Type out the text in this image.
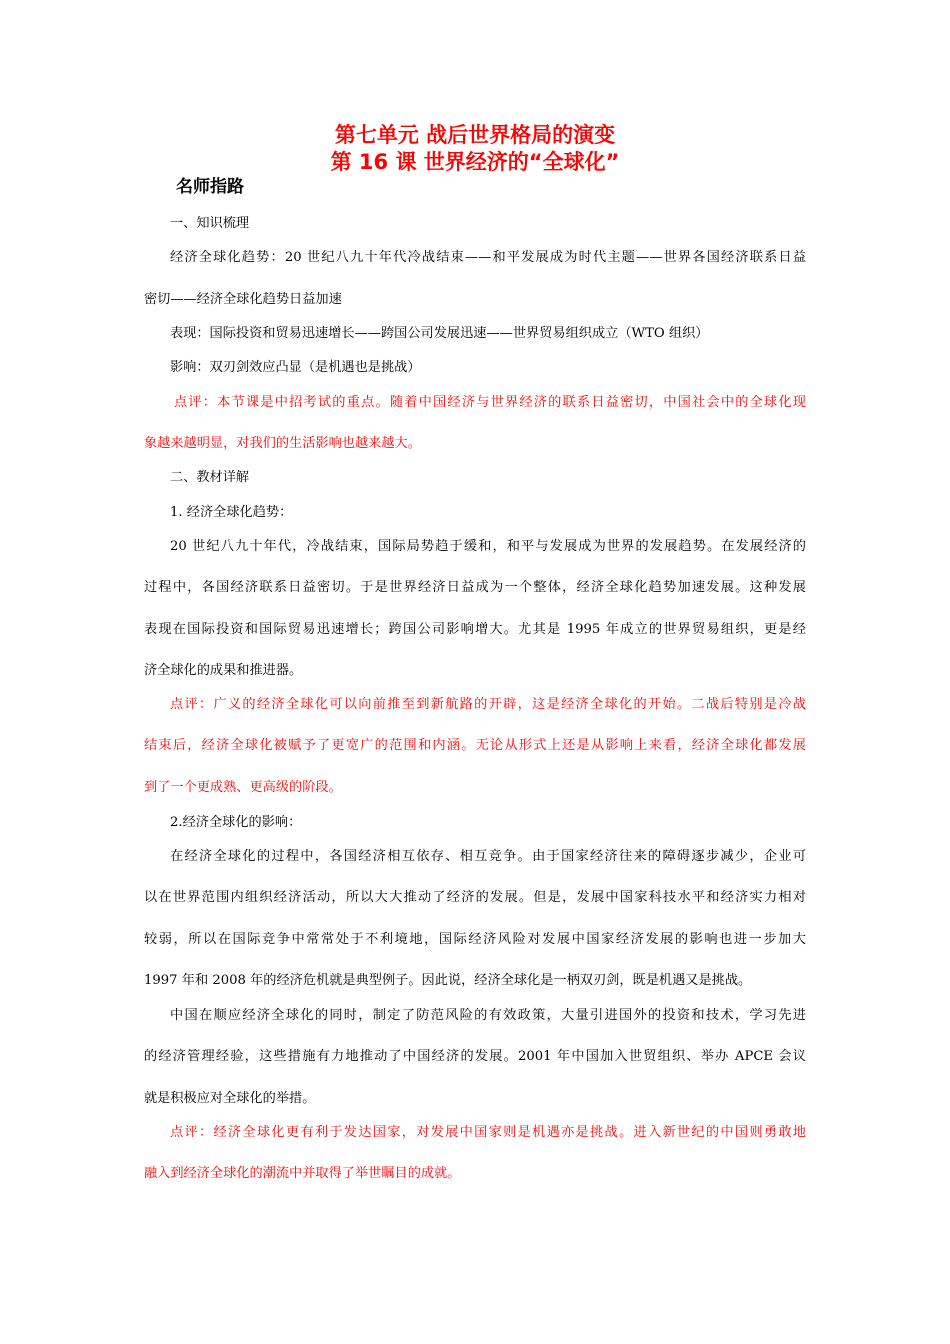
第七单元 战后世界格局的演变
第 16 课 世界经济的“全球化”
名师指路
一、知识梳理
经济全球化趋势：20 世纪八九十年代冷战结束——和平发展成为时代主题——世界各国经济联系日益
密切——经济全球化趋势日益加速
表现：国际投资和贸易迅速增长——跨国公司发展迅速——世界贸易组织成立（WTO 组织）
影响：双刃剑效应凸显（是机遇也是挑战）
点评：本节课是中招考试的重点。随着中国经济与世界经济的联系日益密切，中国社会中的全球化现
象越来越明显，对我们的生活影响也越来越大。
二、教材详解
1. 经济全球化趋势：
20 世纪八九十年代，冷战结束，国际局势趋于缓和，和平与发展成为世界的发展趋势。在发展经济的
过程中，各国经济联系日益密切。于是世界经济日益成为一个整体，经济全球化趋势加速发展。这种发展
表现在国际投资和国际贸易迅速增长；跨国公司影响增大。尤其是 1995 年成立的世界贸易组织，更是经
济全球化的成果和推进器。
点评：广义的经济全球化可以向前推至到新航路的开辟，这是经济全球化的开始。二战后特别是冷战
结束后，经济全球化被赋予了更宽广的范围和内涵。无论从形式上还是从影响上来看，经济全球化都发展
到了一个更成熟、更高级的阶段。
2.经济全球化的影响：
在经济全球化的过程中，各国经济相互依存、相互竞争。由于国家经济往来的障碍逐步减少，企业可
以在世界范围内组织经济活动，所以大大推动了经济的发展。但是，发展中国家科技水平和经济实力相对
较弱，所以在国际竞争中常常处于不利境地，国际经济风险对发展中国家经济发展的影响也进一步加大
1997 年和 2008 年的经济危机就是典型例子。因此说，经济全球化是一柄双刃剑，既是机遇又是挑战。
中国在顺应经济全球化的同时，制定了防范风险的有效政策，大量引进国外的投资和技术，学习先进
的经济管理经验，这些措施有力地推动了中国经济的发展。2001 年中国加入世贸组织、举办 APCE 会议
就是积极应对全球化的举措。
点评：经济全球化更有利于发达国家，对发展中国家则是机遇亦是挑战。进入新世纪的中国则勇敢地
融入到经济全球化的潮流中并取得了举世瞩目的成就。
